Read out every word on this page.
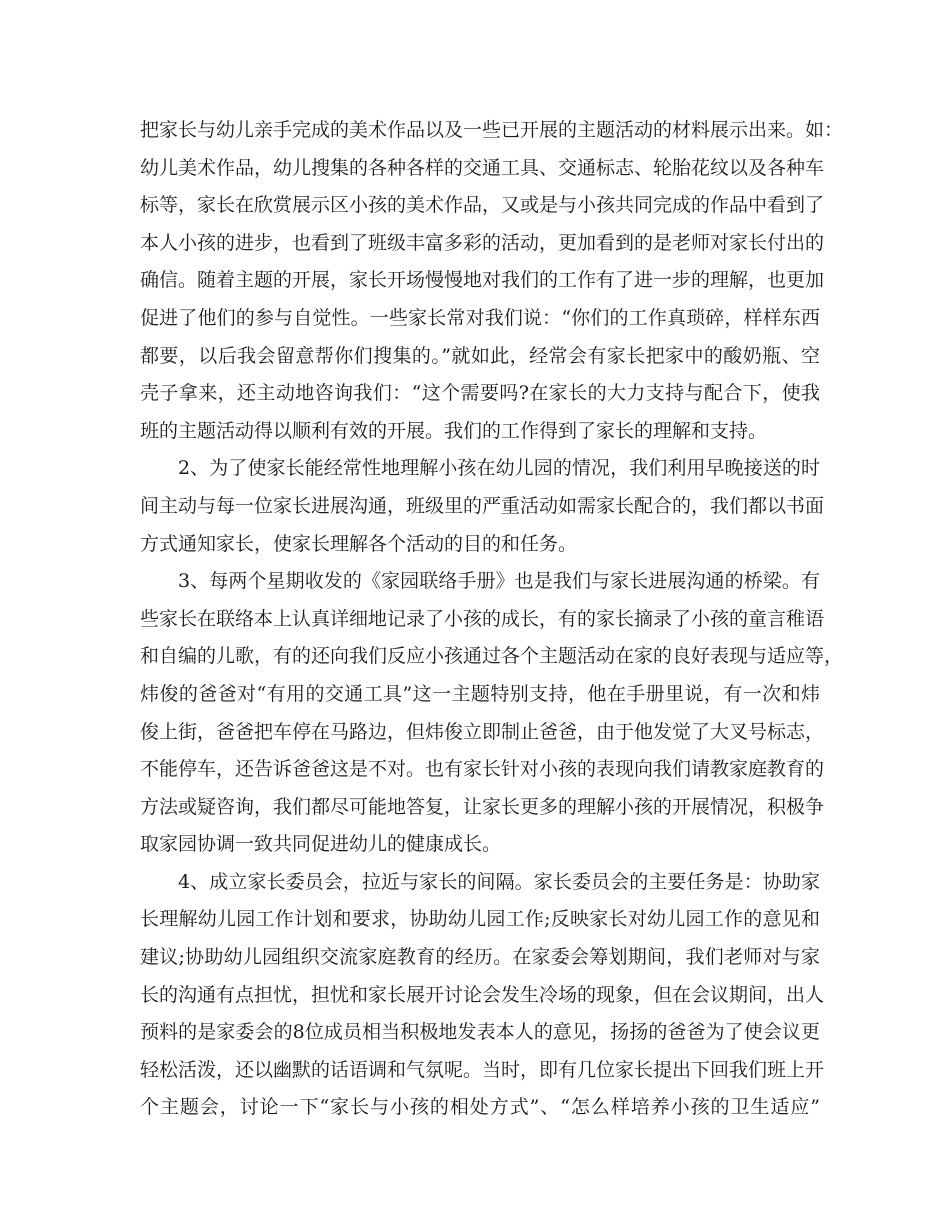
把家长与幼儿亲手完成的美术作品以及一些已开展的主题活动的材料展示出来。如：
幼儿美术作品，幼儿搜集的各种各样的交通工具、交通标志、轮胎花纹以及各种车
标等，家长在欣赏展示区小孩的美术作品，又或是与小孩共同完成的作品中看到了
本人小孩的进步，也看到了班级丰富多彩的活动，更加看到的是老师对家长付出的
确信。随着主题的开展，家长开场慢慢地对我们的工作有了进一步的理解，也更加
促进了他们的参与自觉性。一些家长常对我们说：“你们的工作真琐碎，样样东西
都要，以后我会留意帮你们搜集的。”就如此，经常会有家长把家中的酸奶瓶、空
壳子拿来，还主动地咨询我们：“这个需要吗?在家长的大力支持与配合下，使我
班的主题活动得以顺利有效的开展。我们的工作得到了家长的理解和支持。
2、为了使家长能经常性地理解小孩在幼儿园的情况，我们利用早晚接送的时
间主动与每一位家长进展沟通，班级里的严重活动如需家长配合的，我们都以书面
方式通知家长，使家长理解各个活动的目的和任务。
3、每两个星期收发的《家园联络手册》也是我们与家长进展沟通的桥梁。有
些家长在联络本上认真详细地记录了小孩的成长，有的家长摘录了小孩的童言稚语
和自编的儿歌，有的还向我们反应小孩通过各个主题活动在家的良好表现与适应等，
炜俊的爸爸对“有用的交通工具”这一主题特别支持，他在手册里说，有一次和炜
俊上街，爸爸把车停在马路边，但炜俊立即制止爸爸，由于他发觉了大叉号标志，
不能停车，还告诉爸爸这是不对。也有家长针对小孩的表现向我们请教家庭教育的
方法或疑咨询，我们都尽可能地答复，让家长更多的理解小孩的开展情况，积极争
取家园协调一致共同促进幼儿的健康成长。
4、成立家长委员会，拉近与家长的间隔。家长委员会的主要任务是：协助家
长理解幼儿园工作计划和要求，协助幼儿园工作;反映家长对幼儿园工作的意见和
建议;协助幼儿园组织交流家庭教育的经历。在家委会筹划期间，我们老师对与家
长的沟通有点担忧，担忧和家长展开讨论会发生冷场的现象，但在会议期间，出人
预料的是家委会的8位成员相当积极地发表本人的意见，扬扬的爸爸为了使会议更
轻松活泼，还以幽默的话语调和气氛呢。当时，即有几位家长提出下回我们班上开
个主题会，讨论一下“家长与小孩的相处方式”、“怎么样培养小孩的卫生适应”
